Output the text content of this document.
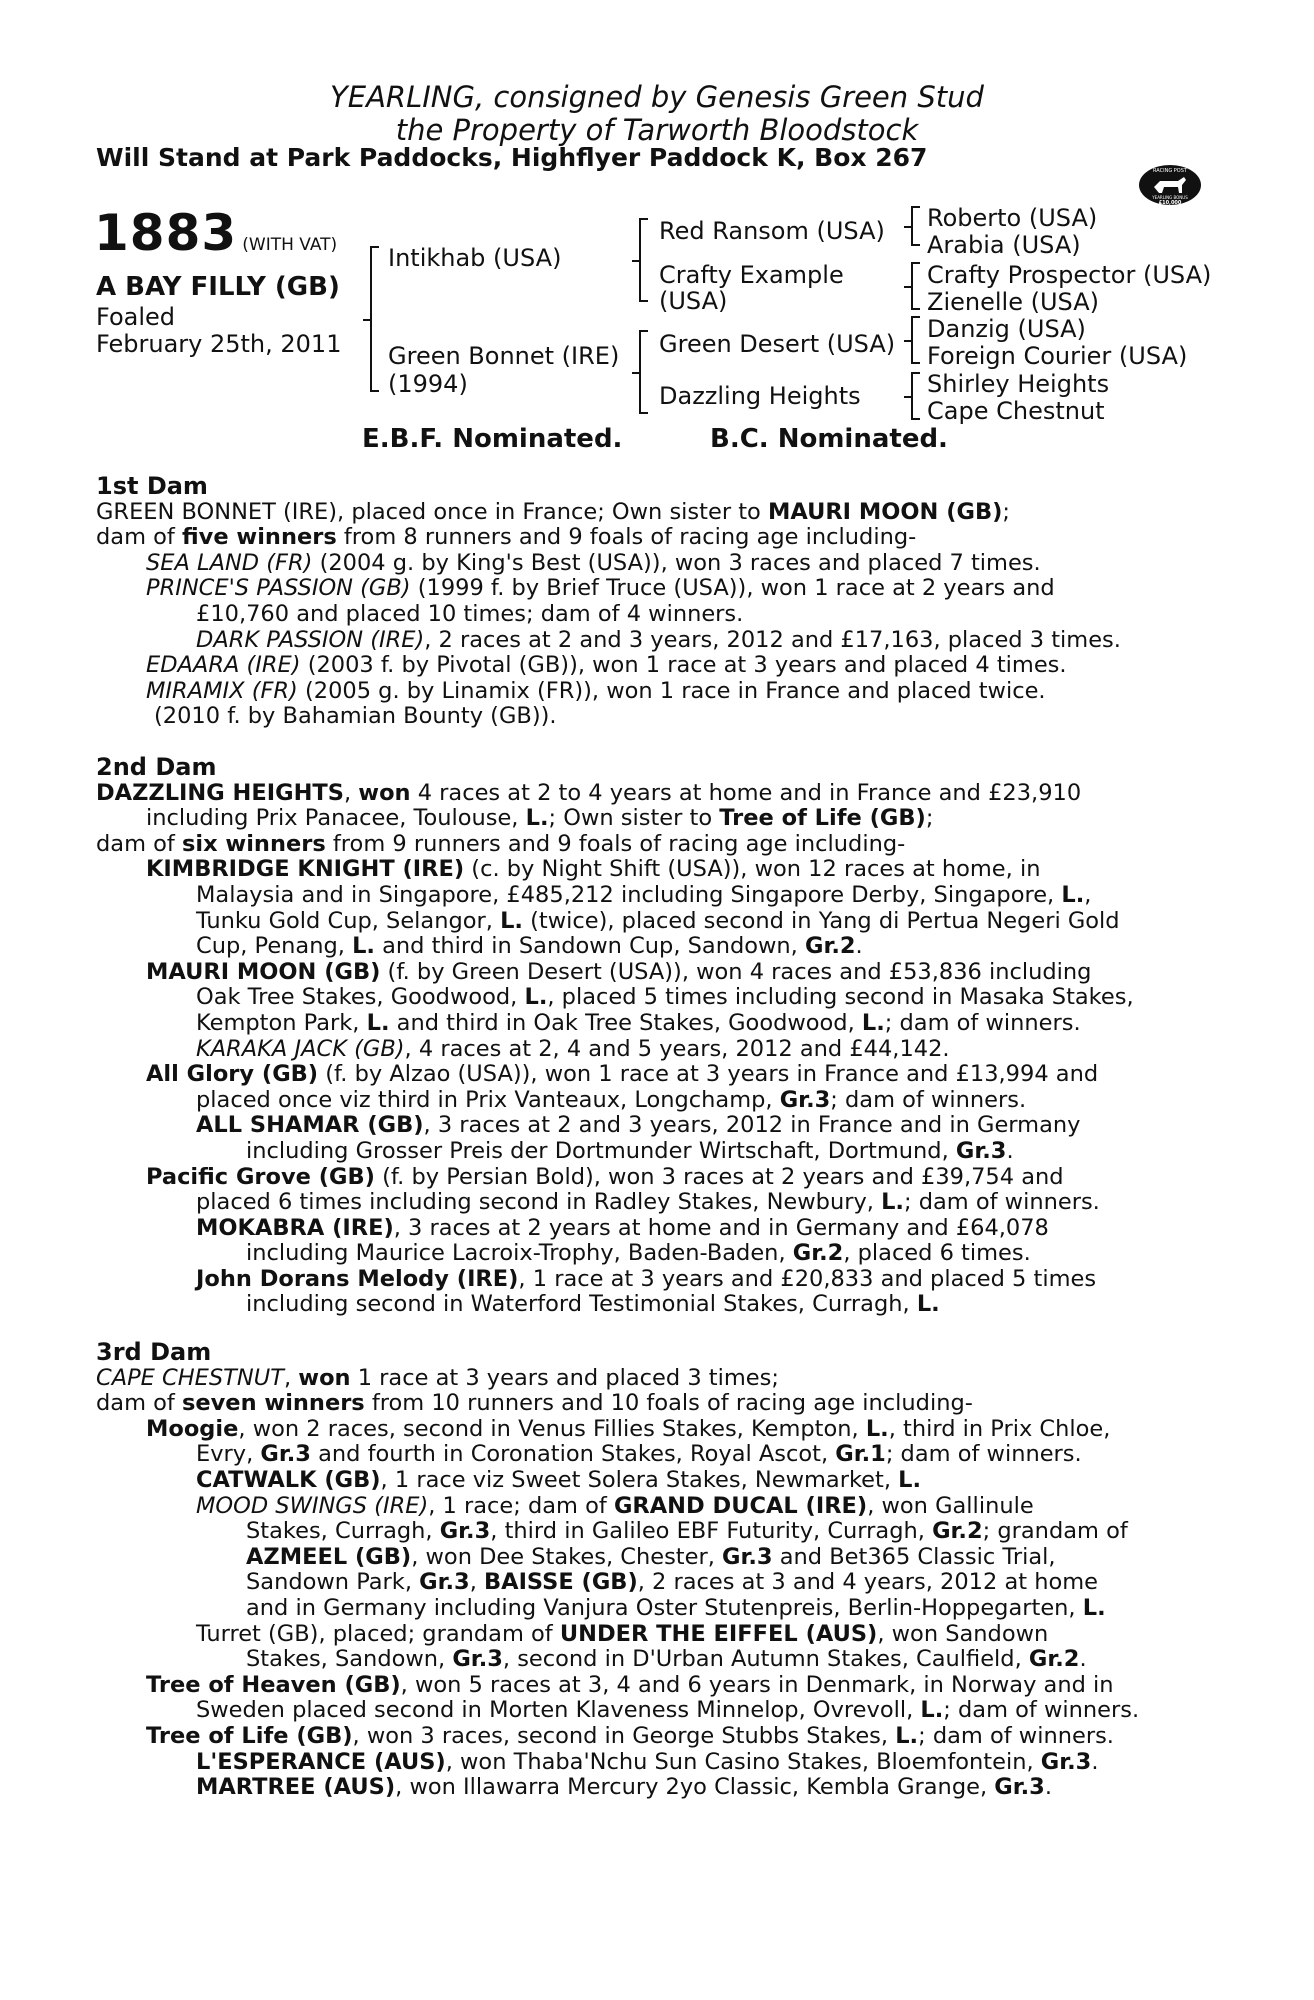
YEARLING, consigned by Genesis Green Stud
the Property of Tarworth Bloodstock
Will Stand at Park Paddocks, Highflyer Paddock K, Box 267	RACING POST
YEARLING BONUS
£10,000
1883 (WITH VAT)
A BAY FILLY (GB)
Foaled
February 25th, 2011
Intikhab (USA)
Green Bonnet (IRE)
(1994)
Red Ransom (USA)
Crafty Example
(USA)
Green Desert (USA)
Dazzling Heights
Roberto (USA)
Arabia (USA)
Crafty Prospector (USA)
Zienelle (USA)
Danzig (USA)
Foreign Courier (USA)
Shirley Heights
Cape Chestnut
E.B.F. Nominated.	B.C. Nominated.

1st Dam

GREEN BONNET (IRE), placed once in France; Own sister to MAURI MOON (GB);

dam of five winners from 8 runners and 9 foals of racing age including-

SEA LAND (FR) (2004 g. by King's Best (USA)), won 3 races and placed 7 times.

PRINCE'S PASSION (GB) (1999 f. by Brief Truce (USA)), won 1 race at 2 years and

£10,760 and placed 10 times; dam of 4 winners.

DARK PASSION (IRE), 2 races at 2 and 3 years, 2012 and £17,163, placed 3 times.

EDAARA (IRE) (2003 f. by Pivotal (GB)), won 1 race at 3 years and placed 4 times.

MIRAMIX (FR) (2005 g. by Linamix (FR)), won 1 race in France and placed twice.

(2010 f. by Bahamian Bounty (GB)).

2nd Dam

DAZZLING HEIGHTS, won 4 races at 2 to 4 years at home and in France and £23,910

including Prix Panacee, Toulouse, L.; Own sister to Tree of Life (GB);

dam of six winners from 9 runners and 9 foals of racing age including-

KIMBRIDGE KNIGHT (IRE) (c. by Night Shift (USA)), won 12 races at home, in

Malaysia and in Singapore, £485,212 including Singapore Derby, Singapore, L.,

Tunku Gold Cup, Selangor, L. (twice), placed second in Yang di Pertua Negeri Gold

Cup, Penang, L. and third in Sandown Cup, Sandown, Gr.2.

MAURI MOON (GB) (f. by Green Desert (USA)), won 4 races and £53,836 including

Oak Tree Stakes, Goodwood, L., placed 5 times including second in Masaka Stakes,

Kempton Park, L. and third in Oak Tree Stakes, Goodwood, L.; dam of winners.

KARAKA JACK (GB), 4 races at 2, 4 and 5 years, 2012 and £44,142.

All Glory (GB) (f. by Alzao (USA)), won 1 race at 3 years in France and £13,994 and

placed once viz third in Prix Vanteaux, Longchamp, Gr.3; dam of winners.

ALL SHAMAR (GB), 3 races at 2 and 3 years, 2012 in France and in Germany

including Grosser Preis der Dortmunder Wirtschaft, Dortmund, Gr.3.

Pacific Grove (GB) (f. by Persian Bold), won 3 races at 2 years and £39,754 and

placed 6 times including second in Radley Stakes, Newbury, L.; dam of winners.

MOKABRA (IRE), 3 races at 2 years at home and in Germany and £64,078

including Maurice Lacroix-Trophy, Baden-Baden, Gr.2, placed 6 times.

John Dorans Melody (IRE), 1 race at 3 years and £20,833 and placed 5 times

including second in Waterford Testimonial Stakes, Curragh, L.

3rd Dam

CAPE CHESTNUT, won 1 race at 3 years and placed 3 times;

dam of seven winners from 10 runners and 10 foals of racing age including-

Moogie, won 2 races, second in Venus Fillies Stakes, Kempton, L., third in Prix Chloe,

Evry, Gr.3 and fourth in Coronation Stakes, Royal Ascot, Gr.1; dam of winners.

CATWALK (GB), 1 race viz Sweet Solera Stakes, Newmarket, L.

MOOD SWINGS (IRE), 1 race; dam of GRAND DUCAL (IRE), won Gallinule

Stakes, Curragh, Gr.3, third in Galileo EBF Futurity, Curragh, Gr.2; grandam of

AZMEEL (GB), won Dee Stakes, Chester, Gr.3 and Bet365 Classic Trial,

Sandown Park, Gr.3, BAISSE (GB), 2 races at 3 and 4 years, 2012 at home

and in Germany including Vanjura Oster Stutenpreis, Berlin-Hoppegarten, L.

Turret (GB), placed; grandam of UNDER THE EIFFEL (AUS), won Sandown

Stakes, Sandown, Gr.3, second in D'Urban Autumn Stakes, Caulfield, Gr.2.

Tree of Heaven (GB), won 5 races at 3, 4 and 6 years in Denmark, in Norway and in

Sweden placed second in Morten Klaveness Minnelop, Ovrevoll, L.; dam of winners.

Tree of Life (GB), won 3 races, second in George Stubbs Stakes, L.; dam of winners.

L'ESPERANCE (AUS), won Thaba'Nchu Sun Casino Stakes, Bloemfontein, Gr.3.

MARTREE (AUS), won Illawarra Mercury 2yo Classic, Kembla Grange, Gr.3.
